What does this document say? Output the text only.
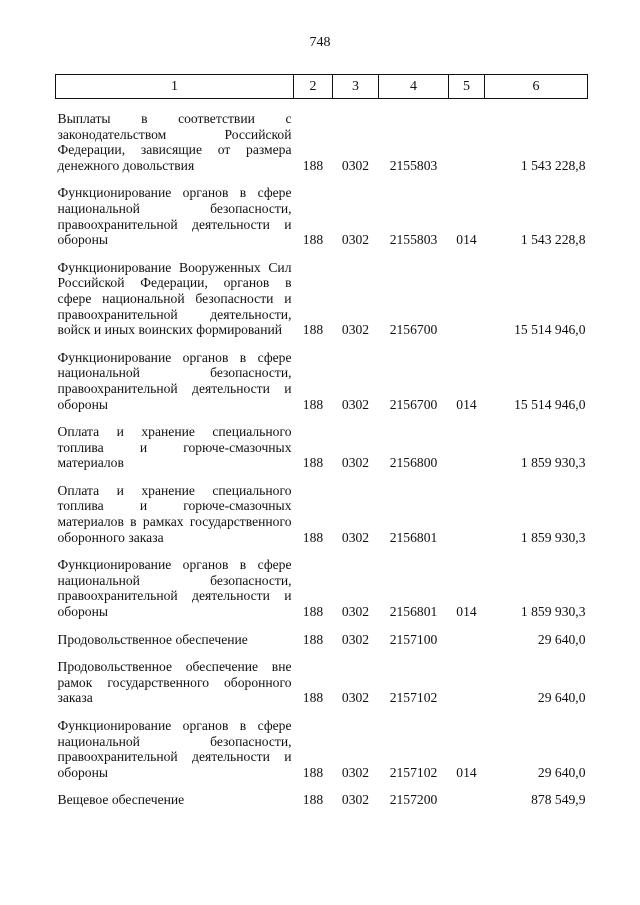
748
1	2	3	4	5	6

Выплаты в соответствии с законодательством Российской Федерации, зависящие от размера денежного довольствия	188	0302	2155803		1 543 228,8

Функционирование органов в сфере национальной безопасности, правоохранительной деятельности и обороны	188	0302	2155803	014	1 543 228,8

Функционирование Вооруженных Сил Российской Федерации, органов в сфере национальной безопасности и правоохранительной деятельности, войск и иных воинских формирований	188	0302	2156700		15 514 946,0

Функционирование органов в сфере национальной безопасности, правоохранительной деятельности и обороны	188	0302	2156700	014	15 514 946,0

Оплата и хранение специального топлива и горюче-смазочных материалов	188	0302	2156800		1 859 930,3

Оплата и хранение специального топлива и горюче-смазочных материалов в рамках государственного оборонного заказа	188	0302	2156801		1 859 930,3

Функционирование органов в сфере национальной безопасности, правоохранительной деятельности и обороны	188	0302	2156801	014	1 859 930,3

Продовольственное обеспечение	188	0302	2157100		29 640,0

Продовольственное обеспечение вне рамок государственного оборонного заказа	188	0302	2157102		29 640,0

Функционирование органов в сфере национальной безопасности, правоохранительной деятельности и обороны	188	0302	2157102	014	29 640,0

Вещевое обеспечение	188	0302	2157200		878 549,9
